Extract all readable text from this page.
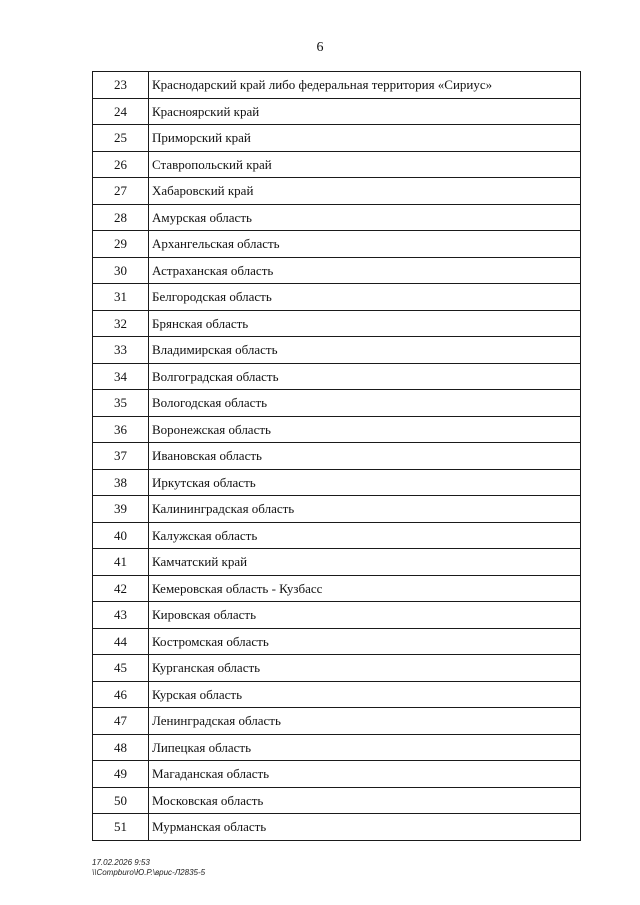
6
23	Краснодарский край либо федеральная территория «Сириус»
24	Красноярский край
25	Приморский край
26	Ставропольский край
27	Хабаровский край
28	Амурская область
29	Архангельская область
30	Астраханская область
31	Белгородская область
32	Брянская область
33	Владимирская область
34	Волгоградская область
35	Вологодская область
36	Воронежская область
37	Ивановская область
38	Иркутская область
39	Калининградская область
40	Калужская область
41	Камчатский край
42	Кемеровская область - Кузбасс
43	Кировская область
44	Костромская область
45	Курганская область
46	Курская область
47	Ленинградская область
48	Липецкая область
49	Магаданская область
50	Московская область
51	Мурманская область
17.02.2026 9:53
\\Compburo\Ю.Р.\врис-Л2835-5
